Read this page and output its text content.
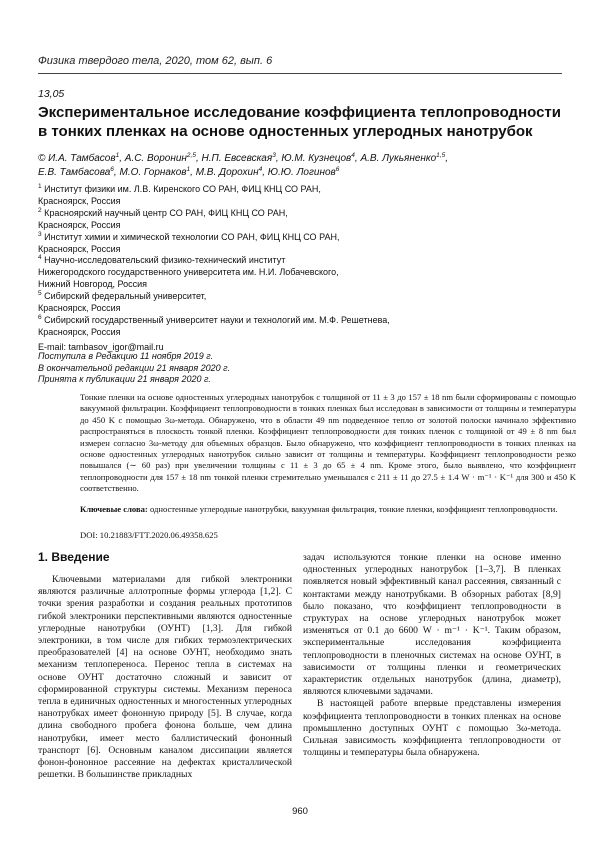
Физика твердого тела, 2020, том 62, вып. 6
13,05
Экспериментальное исследование коэффициента теплопроводности
в тонких пленках на основе одностенных углеродных нанотрубок
© И.А. Тамбасов$^1$, А.С. Воронин$^{2,5}$, Н.П. Евсевская$^3$, Ю.М. Кузнецов$^4$, А.В. Лукьяненко$^{1,5}$,
Е.В. Тамбасова$^6$, М.О. Горнаков$^1$, М.В. Дорохин$^4$, Ю.Ю. Логинов$^6$
$^1$ Институт физики им. Л.В. Киренского СО РАН, ФИЦ КНЦ СО РАН,
Красноярск, Россия
$^2$ Красноярский научный центр СО РАН, ФИЦ КНЦ СО РАН,
Красноярск, Россия
$^3$ Институт химии и химической технологии СО РАН, ФИЦ КНЦ СО РАН,
Красноярск, Россия
$^4$ Научно-исследовательский физико-технический институт
Нижегородского государственного университета им. Н.И. Лобачевского,
Нижний Новгород, Россия
$^5$ Сибирский федеральный университет,
Красноярск, Россия
$^6$ Сибирский государственный университет науки и технологий им. М.Ф. Решетнева,
Красноярск, Россия
E-mail: tambasov_igor@mail.ru
Поступила в Редакцию 11 ноября 2019 г.
В окончательной редакции 21 января 2020 г.
Принята к публикации 21 января 2020 г.

Тонкие пленки на основе одностенных углеродных нанотрубок с толщиной от 11 ± 3 до 157 ± 18 nm были сформированы с помощью вакуумной фильтрации. Коэффициент теплопроводности в тонких пленках был исследован в зависимости от толщины и температуры до 450 K с помощью 3ω-метода. Обнаружено, что в области 49 nm подведенное тепло от золотой полоски начинало эффективно распространяться в плоскость тонкой пленки. Коэффициент теплопроводности для тонких пленок с толщиной от 49 ± 8 nm был измерен согласно 3ω-методу для объемных образцов. Было обнаружено, что коэффициент теплопроводности в тонких пленках на основе одностенных углеродных нанотрубок сильно зависит от толщины и температуры. Коэффициент теплопроводности резко повышался (∼ 60 раз) при увеличении толщины с 11 ± 3 до 65 ± 4 nm. Кроме этого, было выявлено, что коэффициент теплопроводности для 157 ± 18 nm тонкой пленки стремительно уменьшался с 211 ± 11 до 27.5 ± 1.4 W · m⁻¹ · K⁻¹ для 300 и 450 K соответственно.

Ключевые слова: одностенные углеродные нанотрубки, вакуумная фильтрация, тонкие пленки, коэффициент теплопроводности.

DOI: 10.21883/FTT.2020.06.49358.625
1. Введение

Ключевыми материалами для гибкой электроники являются различные аллотропные формы углерода [1,2]. С точки зрения разработки и создания реальных прототипов гибкой электроники перспективными являются одностенные углеродные нанотрубки (ОУНТ) [1,3]. Для гибкой электроники, в том числе для гибких термоэлектрических преобразователей [4] на основе ОУНТ, необходимо знать механизм теплопереноса. Перенос тепла в системах на основе ОУНТ достаточно сложный и зависит от сформированной структуры системы. Механизм переноса тепла в единичных одностенных и многостенных углеродных нанотрубках имеет фононную природу [5]. В случае, когда длина свободного пробега фонона больше, чем длина нанотрубки, имеет место баллистический фононный транспорт [6]. Основным каналом диссипации является фонон-фононное рассеяние на дефектах кристаллической решетки. В большинстве прикладных

задач используются тонкие пленки на основе именно одностенных углеродных нанотрубок [1–3,7]. В пленках появляется новый эффективный канал рассеяния, связанный с контактами между нанотрубками. В обзорных работах [8,9] было показано, что коэффициент теплопроводности в структурах на основе углеродных нанотрубок может изменяться от 0.1 до 6600 W · m⁻¹ · K⁻¹. Таким образом, экспериментальные исследования коэффициента теплопроводности в пленочных системах на основе ОУНТ, в зависимости от толщины пленки и геометрических характеристик отдельных нанотрубок (длина, диаметр), являются ключевыми задачами.

В настоящей работе впервые представлены измерения коэффициента теплопроводности в тонких пленках на основе промышленно доступных ОУНТ с помощью 3ω-метода. Сильная зависимость коэффициента теплопроводности от толщины и температуры была обнаружена.

960
